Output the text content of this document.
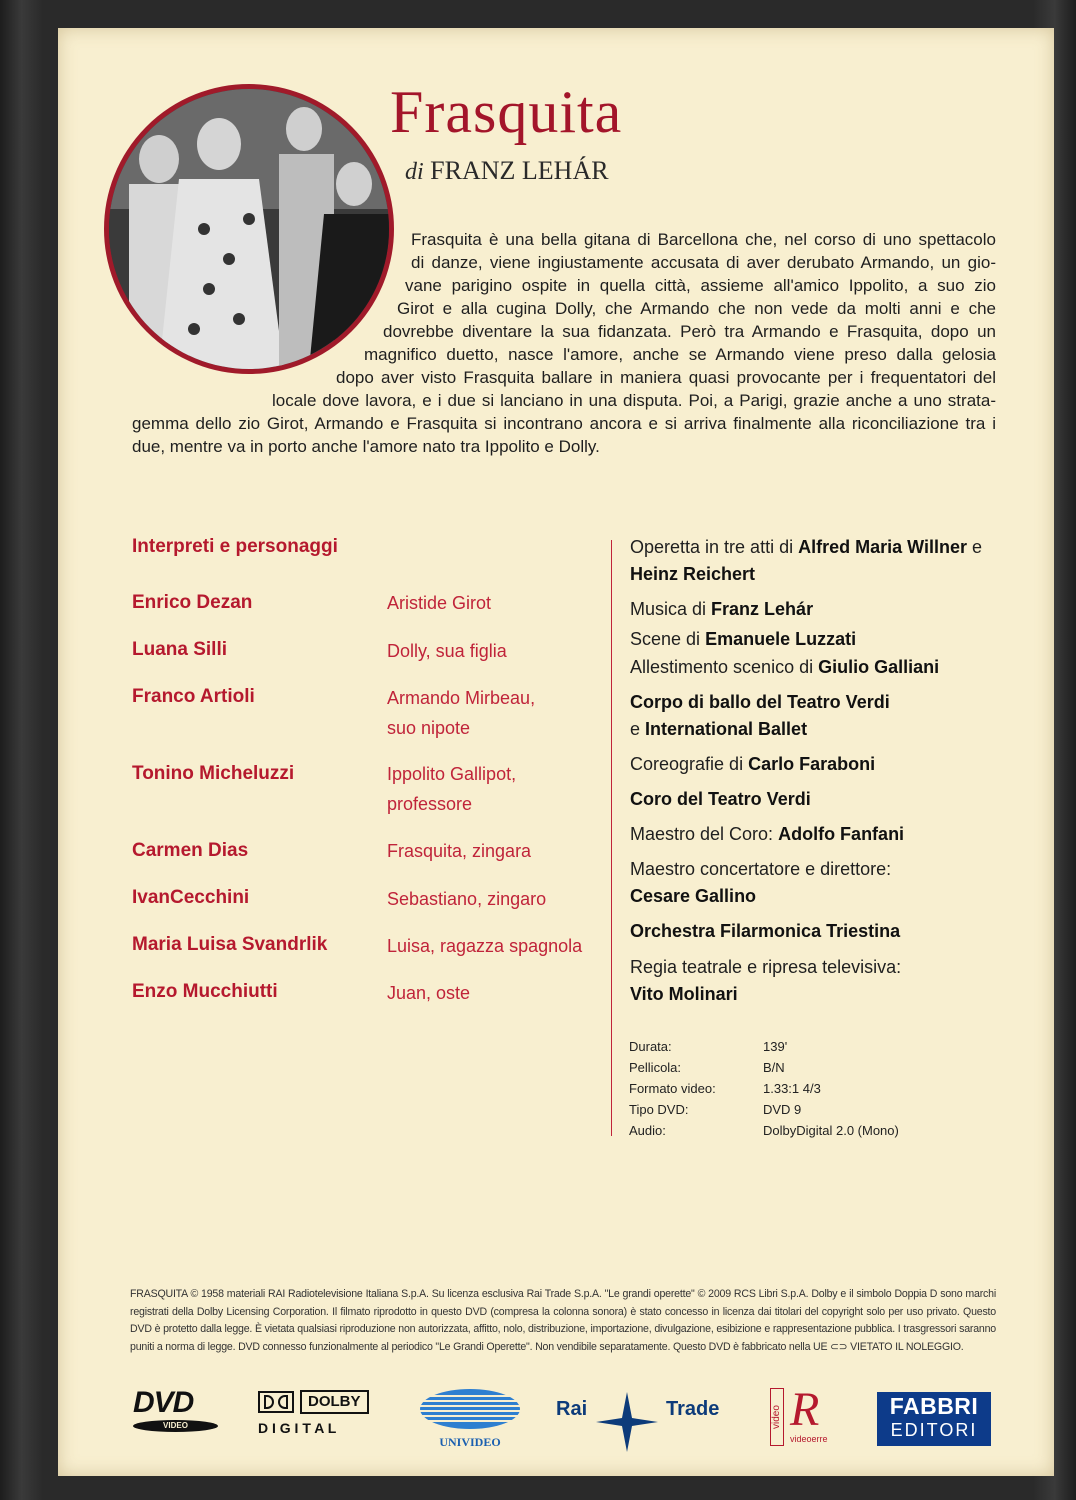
Frasquita
di FRANZ LEHÁR
Frasquita è una bella gitana di Barcellona che, nel corso di uno spettacolo
di danze, viene ingiustamente accusata di aver derubato Armando, un gio-
vane parigino ospite in quella città, assieme all'amico Ippolito, a suo zio
Girot e alla cugina Dolly, che Armando che non vede da molti anni e che
dovrebbe diventare la sua fidanzata. Però tra Armando e Frasquita, dopo un
magnifico duetto, nasce l'amore, anche se Armando viene preso dalla gelosia
dopo aver visto Frasquita ballare in maniera quasi provocante per i frequentatori del
locale dove lavora, e i due si lanciano in una disputa. Poi, a Parigi, grazie anche a uno strata-
gemma dello zio Girot, Armando e Frasquita si incontrano ancora e si arriva finalmente alla riconciliazione tra i
due, mentre va in porto anche l'amore nato tra Ippolito e Dolly.
Interpreti e personaggi
Enrico Dezan	Aristide Girot
Luana Silli	Dolly, sua figlia
Franco Artioli	Armando Mirbeau,
suo nipote
Tonino Micheluzzi	Ippolito Gallipot,
professore
Carmen Dias	Frasquita, zingara
IvanCecchini	Sebastiano, zingaro
Maria Luisa Svandrlik	Luisa, ragazza spagnola
Enzo Mucchiutti	Juan, oste
Operetta in tre atti di Alfred Maria Willner e
Heinz Reichert
Musica di Franz Lehár
Scene di Emanuele Luzzati
Allestimento scenico di Giulio Galliani
Corpo di ballo del Teatro Verdi
e International Ballet
Coreografie di Carlo Faraboni
Coro del Teatro Verdi
Maestro del Coro: Adolfo Fanfani
Maestro concertatore e direttore:
Cesare Gallino
Orchestra Filarmonica Triestina
Regia teatrale e ripresa televisiva:
Vito Molinari
Durata:	139'
Pellicola:	B/N
Formato video:	1.33:1 4/3
Tipo DVD:	DVD 9
Audio:	DolbyDigital 2.0 (Mono)
FRASQUITA © 1958 materiali RAI Radiotelevisione Italiana S.p.A. Su licenza esclusiva Rai Trade S.p.A. "Le grandi operette" © 2009 RCS Libri S.p.A. Dolby e il simbolo Doppia D sono marchi registrati della Dolby Licensing Corporation. Il filmato riprodotto in questo DVD (compresa la colonna sonora) è stato concesso in licenza dai titolari del copyright solo per uso privato. Questo DVD è protetto dalla legge. È vietata qualsiasi riproduzione non autorizzata, affitto, nolo, distribuzione, importazione, divulgazione, esibizione e rappresentazione pubblica. I trasgressori saranno puniti a norma di legge. DVD connesso funzionalmente al periodico "Le Grandi Operette". Non vendibile separatamente. Questo DVD è fabbricato nella UE ⊂⊃ VIETATO IL NOLEGGIO.
DVD
VIDEO
DOLBY
D I G I T A L
UNIVIDEO
Rai	Trade	video R
videoerre
FABBRI
EDITORI
